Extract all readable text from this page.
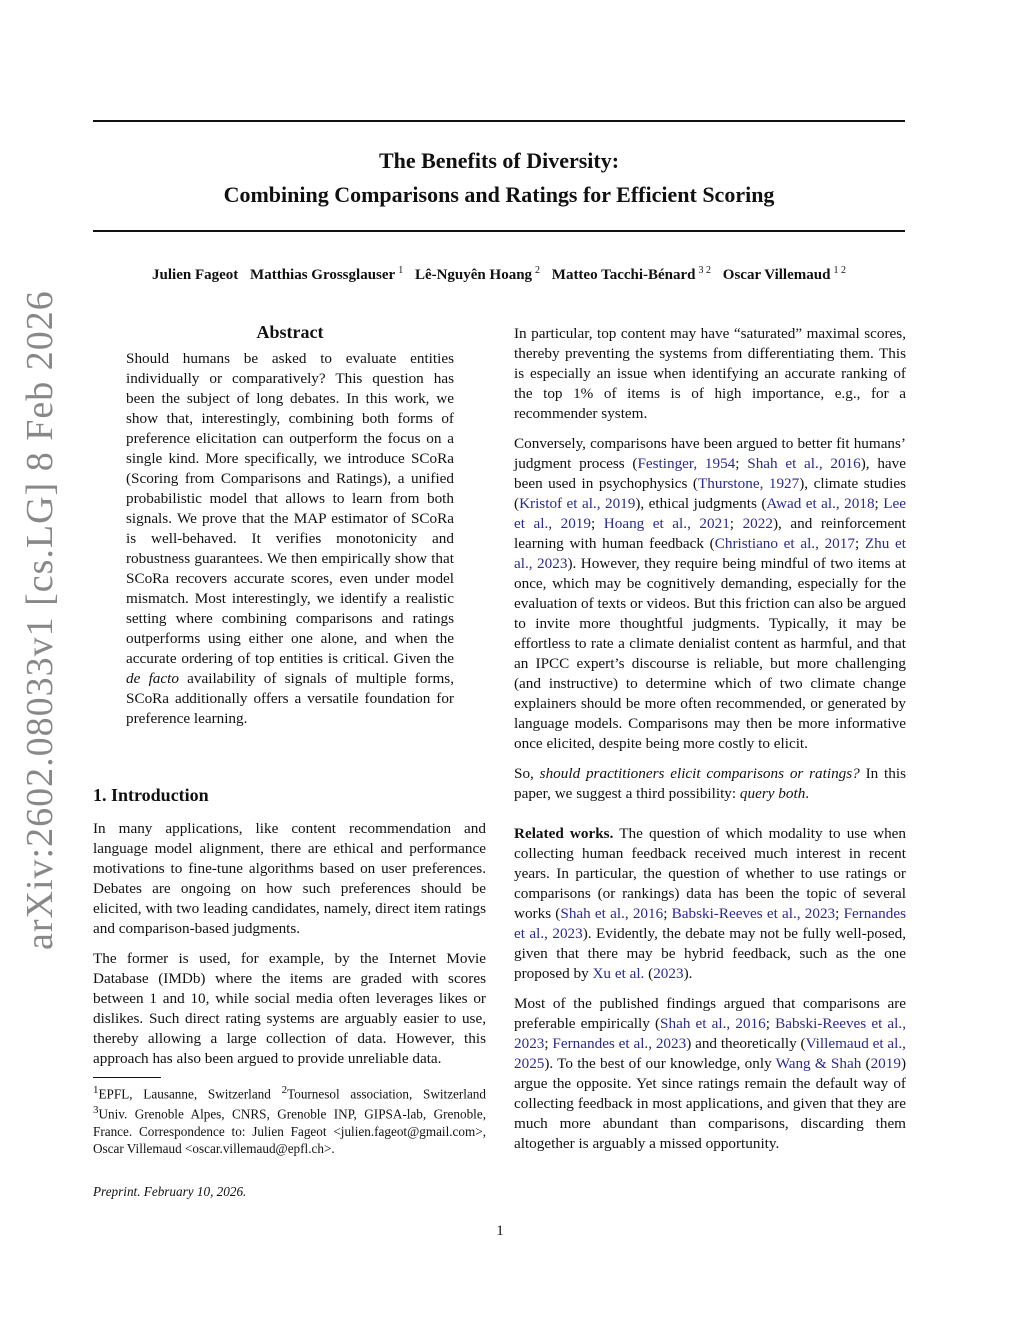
arXiv:2602.08033v1 [cs.LG] 8 Feb 2026
The Benefits of Diversity:
Combining Comparisons and Ratings for Efficient Scoring
Julien Fageot Matthias Grossglauser $^1$ Lê-Nguyên Hoang $^2$ Matteo Tacchi-Bénard $^{3 2}$ Oscar Villemaud $^{1 2}$
Abstract

Should humans be asked to evaluate entities individually or comparatively? This question has been the subject of long debates. In this work, we show that, interestingly, combining both forms of preference elicitation can outperform the focus on a single kind. More specifically, we introduce SCoRa (Scoring from Comparisons and Ratings), a unified probabilistic model that allows to learn from both signals. We prove that the MAP estimator of SCoRa is well-behaved. It verifies monotonicity and robustness guarantees. We then empirically show that SCoRa recovers accurate scores, even under model mismatch. Most interestingly, we identify a realistic setting where combining comparisons and ratings outperforms using either one alone, and when the accurate ordering of top entities is critical. Given the de facto availability of signals of multiple forms, SCoRa additionally offers a versatile foundation for preference learning.

1. Introduction

In many applications, like content recommendation and language model alignment, there are ethical and performance motivations to fine-tune algorithms based on user preferences. Debates are ongoing on how such preferences should be elicited, with two leading candidates, namely, direct item ratings and comparison-based judgments.

The former is used, for example, by the Internet Movie Database (IMDb) where the items are graded with scores between 1 and 10, while social media often leverages likes or dislikes. Such direct rating systems are arguably easier to use, thereby allowing a large collection of data. However, this approach has also been argued to provide unreliable data.

$^1$EPFL, Lausanne, Switzerland $^2$Tournesol association, Switzerland $^3$Univ. Grenoble Alpes, CNRS, Grenoble INP, GIPSA-lab, Grenoble, France. Correspondence to: Julien Fageot <julien.fageot@gmail.com>, Oscar Villemaud <oscar.villemaud@epfl.ch>.
Preprint. February 10, 2026.

In particular, top content may have “saturated” maximal scores, thereby preventing the systems from differentiating them. This is especially an issue when identifying an accurate ranking of the top 1% of items is of high importance, e.g., for a recommender system.

Conversely, comparisons have been argued to better fit humans’ judgment process (Festinger, 1954; Shah et al., 2016), have been used in psychophysics (Thurstone, 1927), climate studies (Kristof et al., 2019), ethical judgments (Awad et al., 2018; Lee et al., 2019; Hoang et al., 2021; 2022), and reinforcement learning with human feedback (Christiano et al., 2017; Zhu et al., 2023). However, they require being mindful of two items at once, which may be cognitively demanding, especially for the evaluation of texts or videos. But this friction can also be argued to invite more thoughtful judgments. Typically, it may be effortless to rate a climate denialist content as harmful, and that an IPCC expert’s discourse is reliable, but more challenging (and instructive) to determine which of two climate change explainers should be more often recommended, or generated by language models. Comparisons may then be more informative once elicited, despite being more costly to elicit.

So, should practitioners elicit comparisons or ratings? In this paper, we suggest a third possibility: query both.

Related works. The question of which modality to use when collecting human feedback received much interest in recent years. In particular, the question of whether to use ratings or comparisons (or rankings) data has been the topic of several works (Shah et al., 2016; Babski-Reeves et al., 2023; Fernandes et al., 2023). Evidently, the debate may not be fully well-posed, given that there may be hybrid feedback, such as the one proposed by Xu et al. (2023).

Most of the published findings argued that comparisons are preferable empirically (Shah et al., 2016; Babski-Reeves et al., 2023; Fernandes et al., 2023) and theoretically (Villemaud et al., 2025). To the best of our knowledge, only Wang & Shah (2019) argue the opposite. Yet since ratings remain the default way of collecting feedback in most applications, and given that they are much more abundant than comparisons, discarding them altogether is arguably a missed opportunity.

1
